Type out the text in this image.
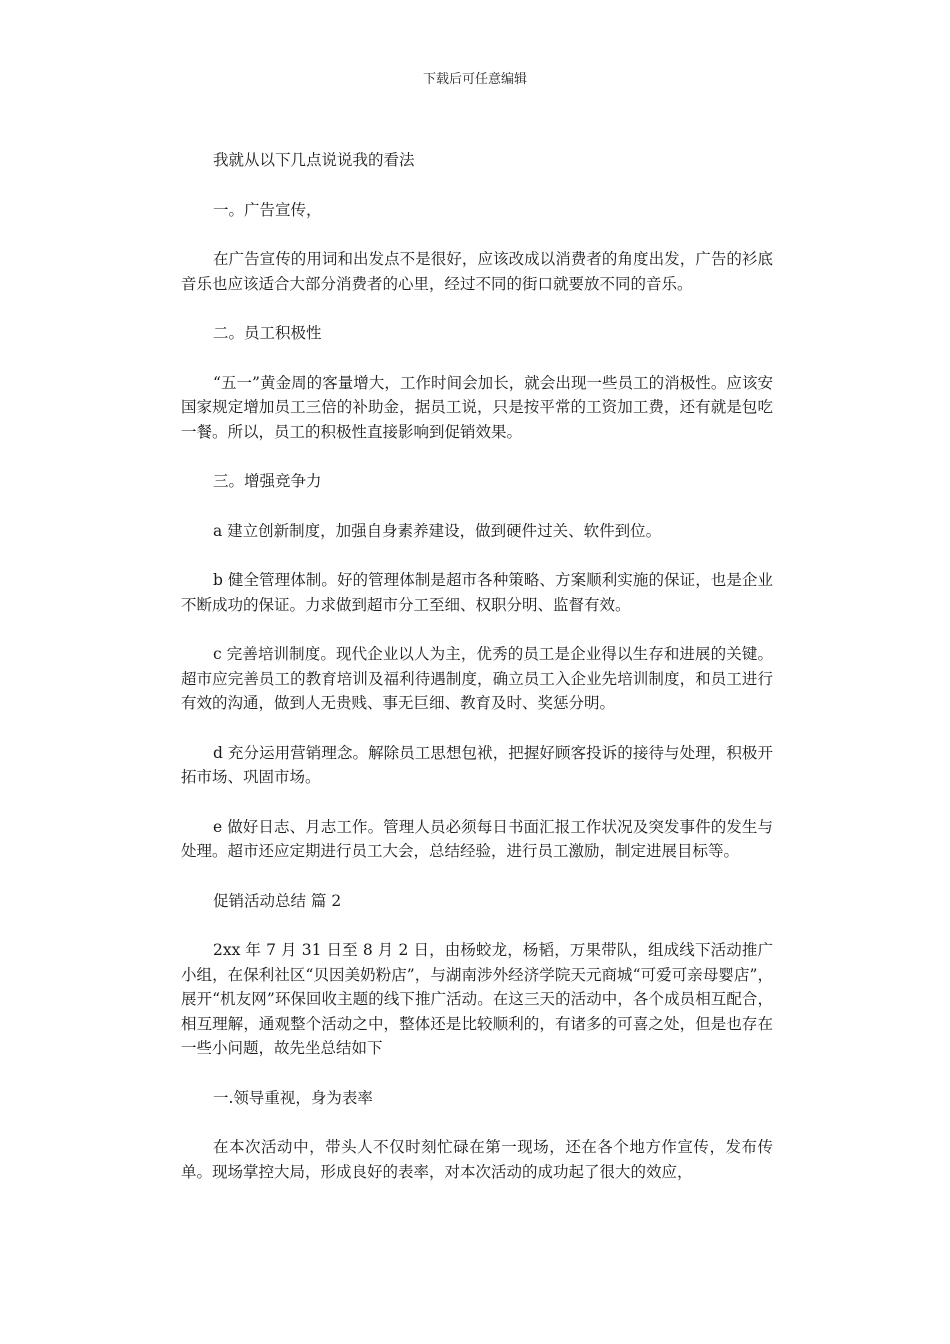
下载后可任意编辑

我就从以下几点说说我的看法

一。广告宣传，

在广告宣传的用词和出发点不是很好，应该改成以消费者的角度出发，广告的衫底音乐也应该适合大部分消费者的心里，经过不同的街口就要放不同的音乐。

二。员工积极性

“五一”黄金周的客量增大，工作时间会加长，就会出现一些员工的消极性。应该安国家规定增加员工三倍的补助金，据员工说，只是按平常的工资加工费，还有就是包吃一餐。所以，员工的积极性直接影响到促销效果。

三。增强竞争力

a 建立创新制度，加强自身素养建设，做到硬件过关、软件到位。

b 健全管理体制。好的管理体制是超市各种策略、方案顺利实施的保证，也是企业不断成功的保证。力求做到超市分工至细、权职分明、监督有效。

c 完善培训制度。现代企业以人为主，优秀的员工是企业得以生存和进展的关键。超市应完善员工的教育培训及福利待遇制度，确立员工入企业先培训制度，和员工进行有效的沟通，做到人无贵贱、事无巨细、教育及时、奖惩分明。

d 充分运用营销理念。解除员工思想包袱，把握好顾客投诉的接待与处理，积极开拓市场、巩固市场。

e 做好日志、月志工作。管理人员必须每日书面汇报工作状况及突发事件的发生与处理。超市还应定期进行员工大会，总结经验，进行员工激励，制定进展目标等。

促销活动总结 篇 2

2xx 年 7 月 31 日至 8 月 2 日，由杨蛟龙，杨韬，万果带队，组成线下活动推广小组，在保利社区“贝因美奶粉店”，与湖南涉外经济学院天元商城“可爱可亲母婴店”，展开“机友网”环保回收主题的线下推广活动。在这三天的活动中，各个成员相互配合，相互理解，通观整个活动之中，整体还是比较顺利的，有诸多的可喜之处，但是也存在一些小问题，故先坐总结如下

一.领导重视，身为表率

在本次活动中，带头人不仅时刻忙碌在第一现场，还在各个地方作宣传，发布传单。现场掌控大局，形成良好的表率，对本次活动的成功起了很大的效应，
